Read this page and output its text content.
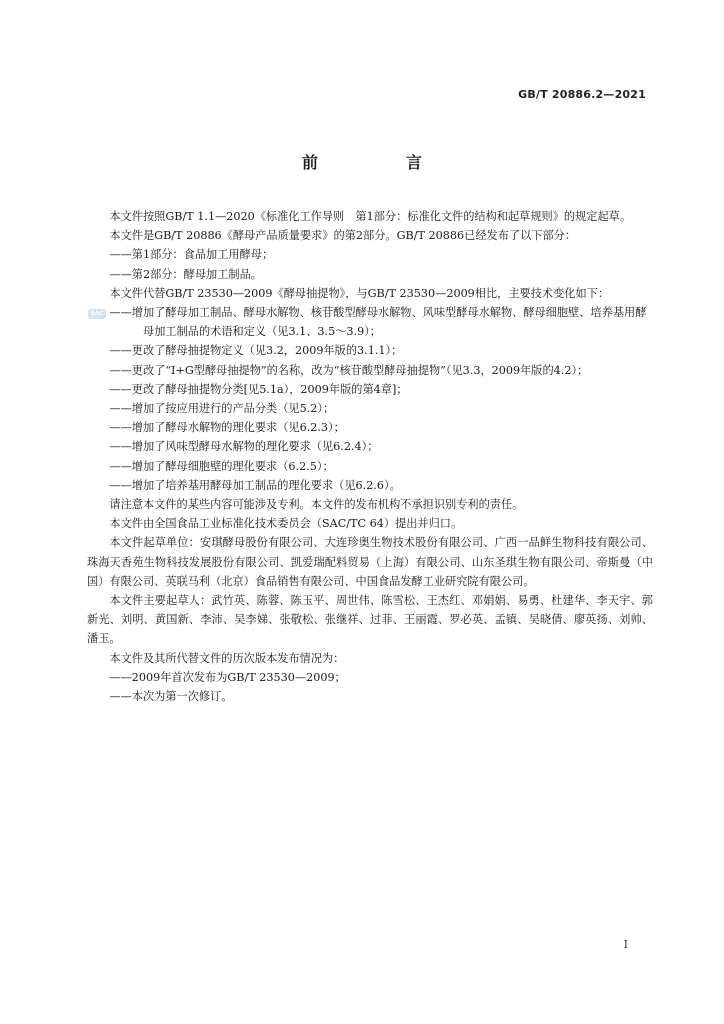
GB/T 20886.2—2021
前　言
SAC

本文件按照GB/T 1.1—2020《标准化工作导则　第1部分：标准化文件的结构和起草规则》的规定起草。

本文件是GB/T 20886《酵母产品质量要求》的第2部分。GB/T 20886已经发布了以下部分：

——第1部分：食品加工用酵母；

——第2部分：酵母加工制品。

本文件代替GB/T 23530—2009《酵母抽提物》，与GB/T 23530—2009相比，主要技术变化如下：

——增加了酵母加工制品、酵母水解物、核苷酸型酵母水解物、风味型酵母水解物、酵母细胞壁、培养基用酵母加工制品的术语和定义（见3.1、3.5～3.9）；

——更改了酵母抽提物定义（见3.2，2009年版的3.1.1）；

——更改了“I+G型酵母抽提物”的名称，改为“核苷酸型酵母抽提物”（见3.3，2009年版的4.2）；

——更改了酵母抽提物分类[见5.1a），2009年版的第4章]；

——增加了按应用进行的产品分类（见5.2）；

——增加了酵母水解物的理化要求（见6.2.3）；

——增加了风味型酵母水解物的理化要求（见6.2.4）；

——增加了酵母细胞壁的理化要求（6.2.5）；

——增加了培养基用酵母加工制品的理化要求（见6.2.6）。

请注意本文件的某些内容可能涉及专利。本文件的发布机构不承担识别专利的责任。

本文件由全国食品工业标准化技术委员会（SAC/TC 64）提出并归口。

本文件起草单位：安琪酵母股份有限公司、大连珍奥生物技术股份有限公司、广西一品鲜生物科技有限公司、珠海天香苑生物科技发展股份有限公司、凯爱瑞配料贸易（上海）有限公司、山东圣琪生物有限公司、帝斯曼（中国）有限公司、英联马利（北京）食品销售有限公司、中国食品发酵工业研究院有限公司。

本文件主要起草人：武竹英、陈蓉、陈玉平、周世伟、陈雪松、王杰红、邓娟娟、易勇、杜建华、李天宇、郭新光、刘明、黄国新、李沛、吴李娣、张敬松、张继祥、过菲、王丽霞、罗必英、孟镇、吴晓倩、廖英扬、刘帅、潘玉。

本文件及其所代替文件的历次版本发布情况为：

——2009年首次发布为GB/T 23530—2009；

——本次为第一次修订。

I
